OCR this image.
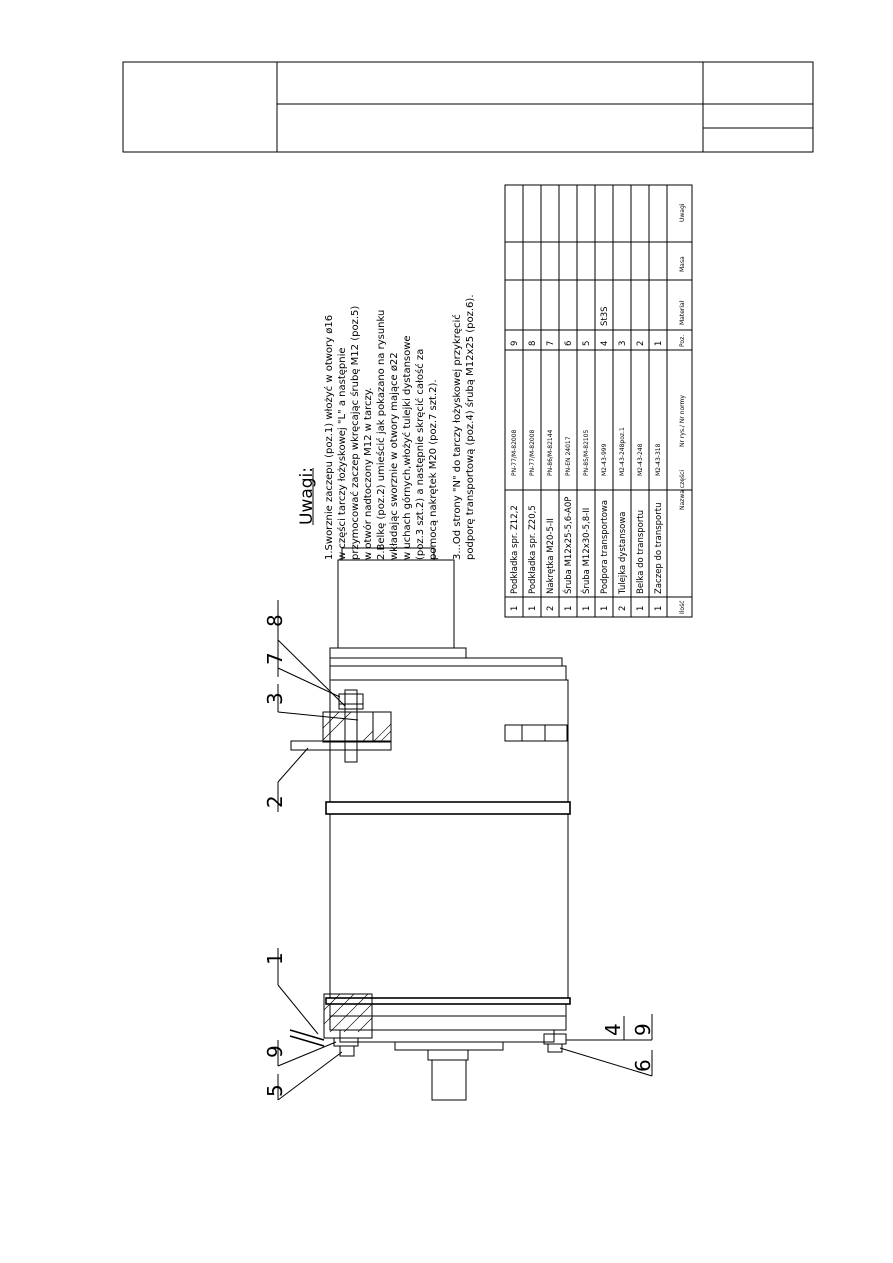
Ilość
Nazwa części
Nr rys./ Nr normy
Poz.
Materiał
Masa
Uwagi
1
Podkładka spr. Z12,2
PN-77/M-82008
9
1
Podkładka spr. Z20,5
PN-77/M-82008
8
2
Nakrętka M20-5-II
PN-86/M-82144
7
1
Śruba M12x25-5,6-A0P
PN-EN 24017
6
1
Śruba M12x30-5,8-II
PN-85/M-82105
5
1
Podpora transportowa
M2-43-999
4
St3S
2
Tulejka dystansowa
M2-43-248poz.1
3
1
Belka do transportu
M2-43-248
2
1
Zaczep do transportu
M2-43-318
1
Uwagi: 1.Sworznie zaczepu (poz.1) włożyć w otwory ø16 w części tarczy łożyskowej "L" a następnie przymocować zaczep wkręcając śrubę M12 (poz.5) w otwór nadtoczony M12 w tarczy. 2.Belkę (poz.2) umieścić jak pokazano na rysunku wkładając sworznie w otwory mające ø22 w uchach górnych,włożyć tulejki dystansowe (poz.3 szt.2) a następnie skręcić całość za pomocą nakrętek M20 (poz.7 szt.2). 3...Od strony "N" do tarczy łożyskowej przykręcić podporę transportową (poz.4) śrubą M12x25 (poz.6).
8
7
3
2
1
9
5
4 9
6
